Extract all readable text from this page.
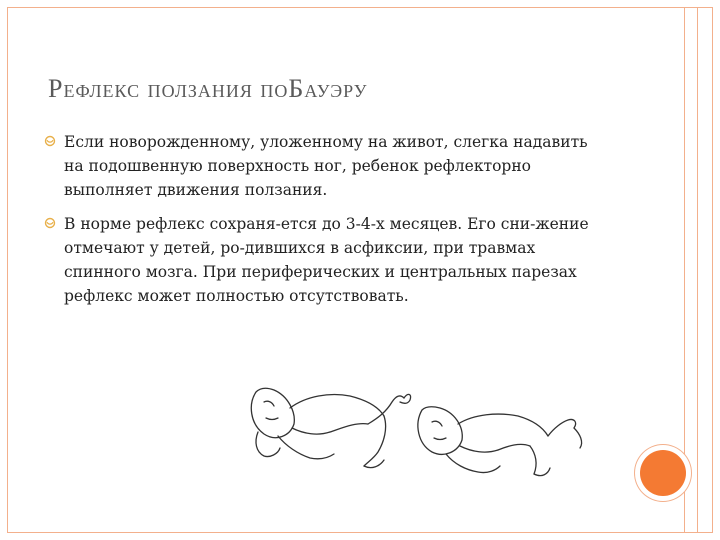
Рефлекс ползания поБауэру
Если новорожденному, уложенному на живот, слегка надавить на подошвенную поверхность ног, ребенок рефлекторно выполняет движения ползания.
В норме рефлекс сохраня-ется до 3-4-х месяцев. Его сни-жение отмечают у детей, ро-дившихся в асфиксии, при травмах спинного мозга. При периферических и центральных парезах рефлекс может полностью отсутствовать.
